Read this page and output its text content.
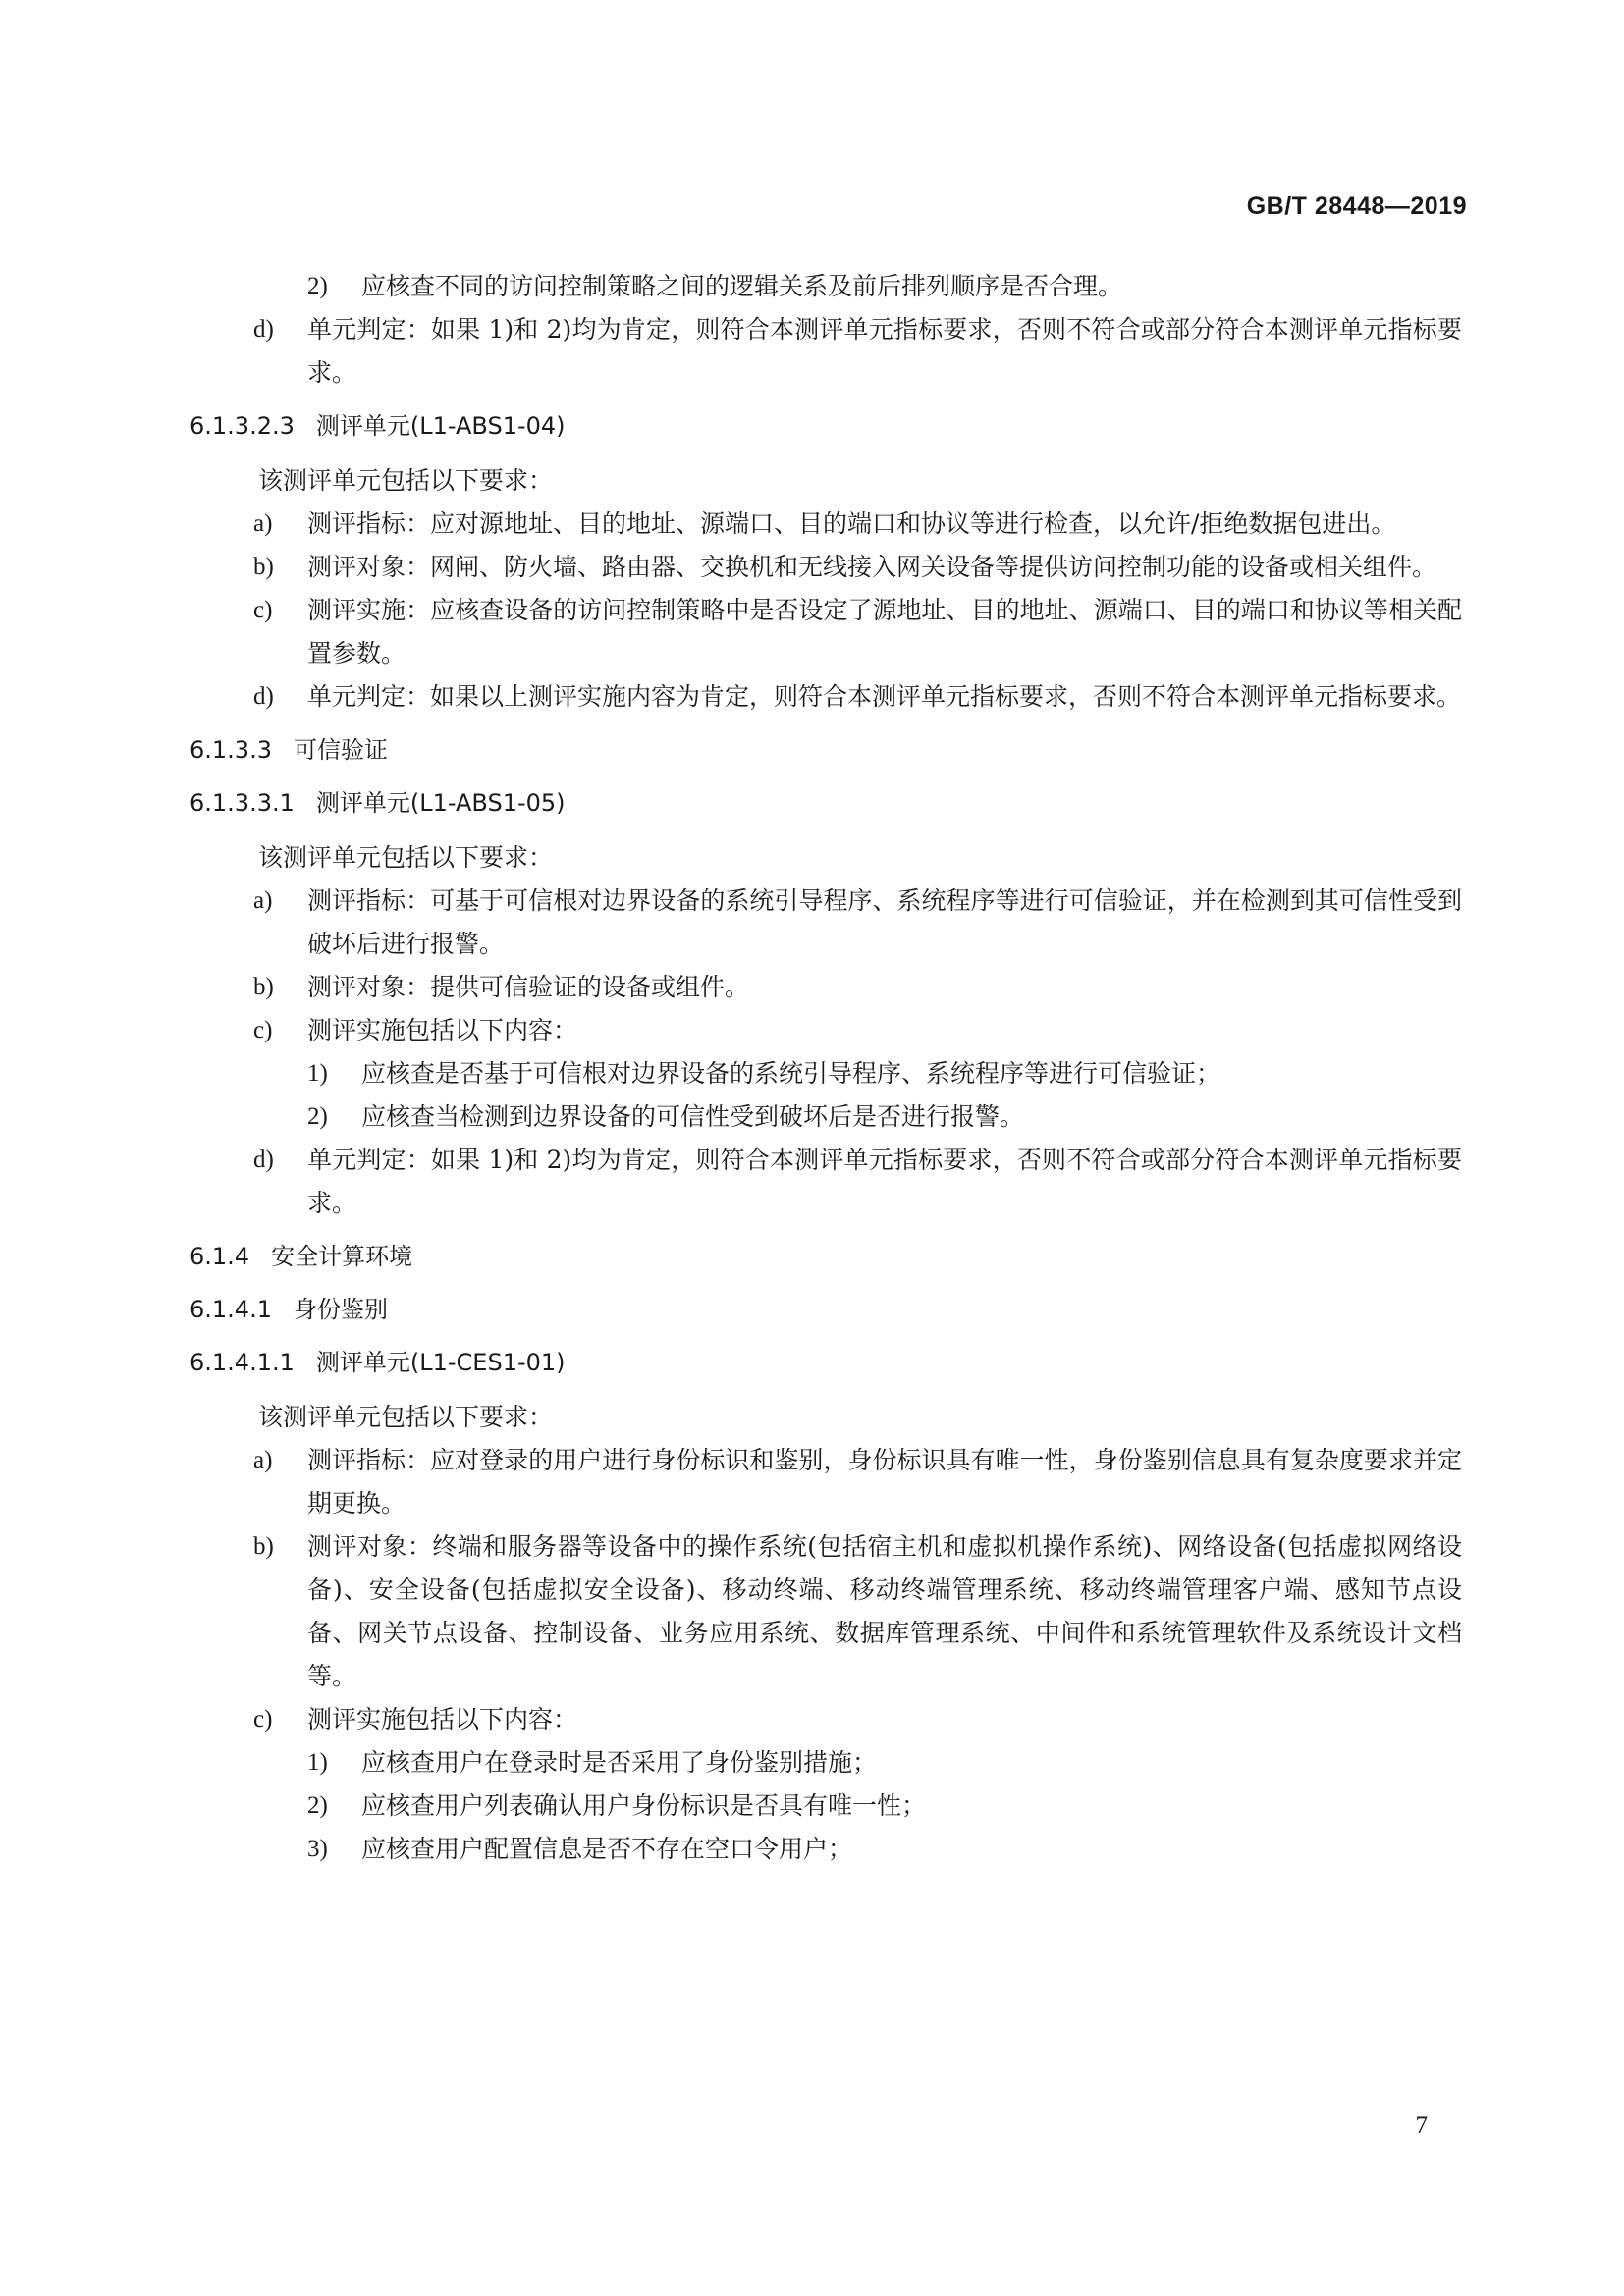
GB/T 28448—2019
2) 应核查不同的访问控制策略之间的逻辑关系及前后排列顺序是否合理。
d) 单元判定：如果 1)和 2)均为肯定，则符合本测评单元指标要求，否则不符合或部分符合本测评单元指标要求。
6.1.3.2.3 测评单元(L1-ABS1-04)
该测评单元包括以下要求：
a) 测评指标：应对源地址、目的地址、源端口、目的端口和协议等进行检查，以允许/拒绝数据包进出。
b) 测评对象：网闸、防火墙、路由器、交换机和无线接入网关设备等提供访问控制功能的设备或相关组件。
c) 测评实施：应核查设备的访问控制策略中是否设定了源地址、目的地址、源端口、目的端口和协议等相关配置参数。
d) 单元判定：如果以上测评实施内容为肯定，则符合本测评单元指标要求，否则不符合本测评单元指标要求。
6.1.3.3 可信验证
6.1.3.3.1 测评单元(L1-ABS1-05)
该测评单元包括以下要求：
a) 测评指标：可基于可信根对边界设备的系统引导程序、系统程序等进行可信验证，并在检测到其可信性受到破坏后进行报警。
b) 测评对象：提供可信验证的设备或组件。
c) 测评实施包括以下内容：
1) 应核查是否基于可信根对边界设备的系统引导程序、系统程序等进行可信验证；
2) 应核查当检测到边界设备的可信性受到破坏后是否进行报警。
d) 单元判定：如果 1)和 2)均为肯定，则符合本测评单元指标要求，否则不符合或部分符合本测评单元指标要求。
6.1.4 安全计算环境
6.1.4.1 身份鉴别
6.1.4.1.1 测评单元(L1-CES1-01)
该测评单元包括以下要求：
a) 测评指标：应对登录的用户进行身份标识和鉴别，身份标识具有唯一性，身份鉴别信息具有复杂度要求并定期更换。
b) 测评对象：终端和服务器等设备中的操作系统(包括宿主机和虚拟机操作系统)、网络设备(包括虚拟网络设备)、安全设备(包括虚拟安全设备)、移动终端、移动终端管理系统、移动终端管理客户端、感知节点设备、网关节点设备、控制设备、业务应用系统、数据库管理系统、中间件和系统管理软件及系统设计文档等。
c) 测评实施包括以下内容：
1) 应核查用户在登录时是否采用了身份鉴别措施；
2) 应核查用户列表确认用户身份标识是否具有唯一性；
3) 应核查用户配置信息是否不存在空口令用户；
7
